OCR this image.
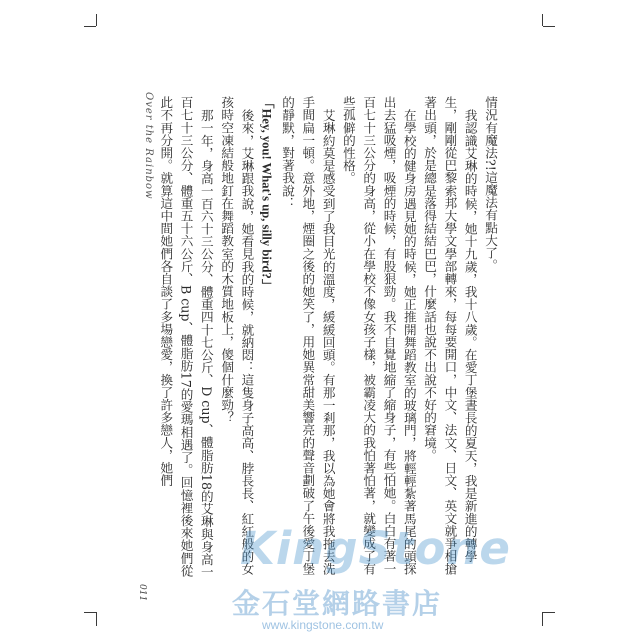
Over the Rainbow
011

情況有魔法?!這魔法有點大了。

我認識艾琳的時候，她十九歲，我十八歲。在愛丁堡晝長的夏天，我是新進的轉學生，剛剛從巴黎索邦大學文學部轉來，每每要開口，中文、法文、日文、英文就爭相搶著出頭，於是總是落得結結巴巴，什麼話也說不出說不好的窘境。

在學校的健身房遇見她的時候，她正推開舞蹈教室的玻璃門，將輕輕紮著馬尾的頭探出去猛吸煙，吸煙的時候，有股狠勁。我不自覺地縮了縮身子，有些怕她。白白有著一百七十三公分的身高，從小在學校不像女孩子樣，被霸凌大的我怕著怕著，就變成了有些孤僻的性格。

艾琳約莫是感受到了我目光的溫度，緩緩回頭。有那一剎那，我以為她會將我拖去洗手間扁一頓。意外地，煙圈之後的她笑了，用她異常甜美響亮的聲音劃破了午後愛丁堡的靜默，對著我說：

「Hey, you! What's up, silly bird?」

後來，艾琳跟我說，她看見我的時候，就納悶：這隻身子高高、脖長長、紅紅般的女孩時空凍結般地釘在舞蹈教室的木質地板上，傻個什麼勁？

那一年，身高一百六十三公分、體重四十七公斤、D cup、體脂肪18的艾琳與身高一百七十三公分、體重五十六公斤、B cup、體脂肪17的愛瑪相遇了。回憶裡後來她們從此不再分開。就算這中間她們各自談了多場戀愛，換了許多戀人，她們

KingStone
金石堂網路書店
www.kingstone.com.tw
